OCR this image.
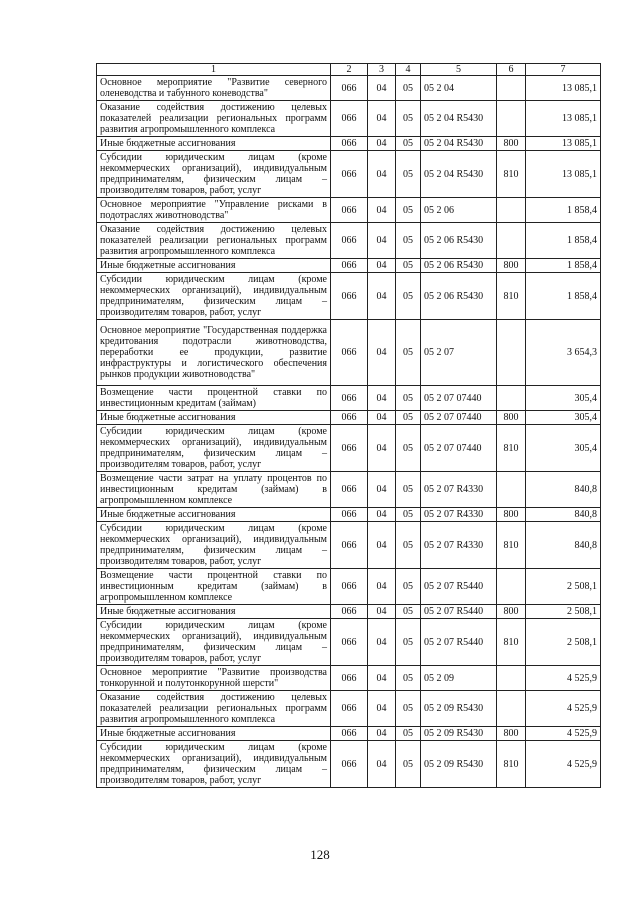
1	2	3	4	5	6	7
Основное мероприятие "Развитие северного оленеводства и табунного коневодства"	066	04	05	05 2 04		13 085,1
Оказание содействия достижению целевых показателей реализации региональных программ развития агропромышленного комплекса	066	04	05	05 2 04 R5430		13 085,1
Иные бюджетные ассигнования	066	04	05	05 2 04 R5430	800	13 085,1
Субсидии юридическим лицам (кроме некоммерческих организаций), индивидуальным предпринимателям, физическим лицам – производителям товаров, работ, услуг	066	04	05	05 2 04 R5430	810	13 085,1
Основное мероприятие "Управление рисками в подотраслях животноводства"	066	04	05	05 2 06		1 858,4
Оказание содействия достижению целевых показателей реализации региональных программ развития агропромышленного комплекса	066	04	05	05 2 06 R5430		1 858,4
Иные бюджетные ассигнования	066	04	05	05 2 06 R5430	800	1 858,4
Субсидии юридическим лицам (кроме некоммерческих организаций), индивидуальным предпринимателям, физическим лицам – производителям товаров, работ, услуг	066	04	05	05 2 06 R5430	810	1 858,4
Основное мероприятие "Государственная поддержка кредитования подотрасли животноводства, переработки ее продукции, развитие инфраструктуры и логистического обеспечения рынков продукции животноводства"	066	04	05	05 2 07		3 654,3
Возмещение части процентной ставки по инвестиционным кредитам (займам)	066	04	05	05 2 07 07440		305,4
Иные бюджетные ассигнования	066	04	05	05 2 07 07440	800	305,4
Субсидии юридическим лицам (кроме некоммерческих организаций), индивидуальным предпринимателям, физическим лицам – производителям товаров, работ, услуг	066	04	05	05 2 07 07440	810	305,4
Возмещение части затрат на уплату процентов по инвестиционным кредитам (займам) в агропромышленном комплексе	066	04	05	05 2 07 R4330		840,8
Иные бюджетные ассигнования	066	04	05	05 2 07 R4330	800	840,8
Субсидии юридическим лицам (кроме некоммерческих организаций), индивидуальным предпринимателям, физическим лицам – производителям товаров, работ, услуг	066	04	05	05 2 07 R4330	810	840,8
Возмещение части процентной ставки по инвестиционным кредитам (займам) в агропромышленном комплексе	066	04	05	05 2 07 R5440		2 508,1
Иные бюджетные ассигнования	066	04	05	05 2 07 R5440	800	2 508,1
Субсидии юридическим лицам (кроме некоммерческих организаций), индивидуальным предпринимателям, физическим лицам – производителям товаров, работ, услуг	066	04	05	05 2 07 R5440	810	2 508,1
Основное мероприятие "Развитие производства тонкорунной и полутонкорунной шерсти"	066	04	05	05 2 09		4 525,9
Оказание содействия достижению целевых показателей реализации региональных программ развития агропромышленного комплекса	066	04	05	05 2 09 R5430		4 525,9
Иные бюджетные ассигнования	066	04	05	05 2 09 R5430	800	4 525,9
Субсидии юридическим лицам (кроме некоммерческих организаций), индивидуальным предпринимателям, физическим лицам – производителям товаров, работ, услуг	066	04	05	05 2 09 R5430	810	4 525,9
128
